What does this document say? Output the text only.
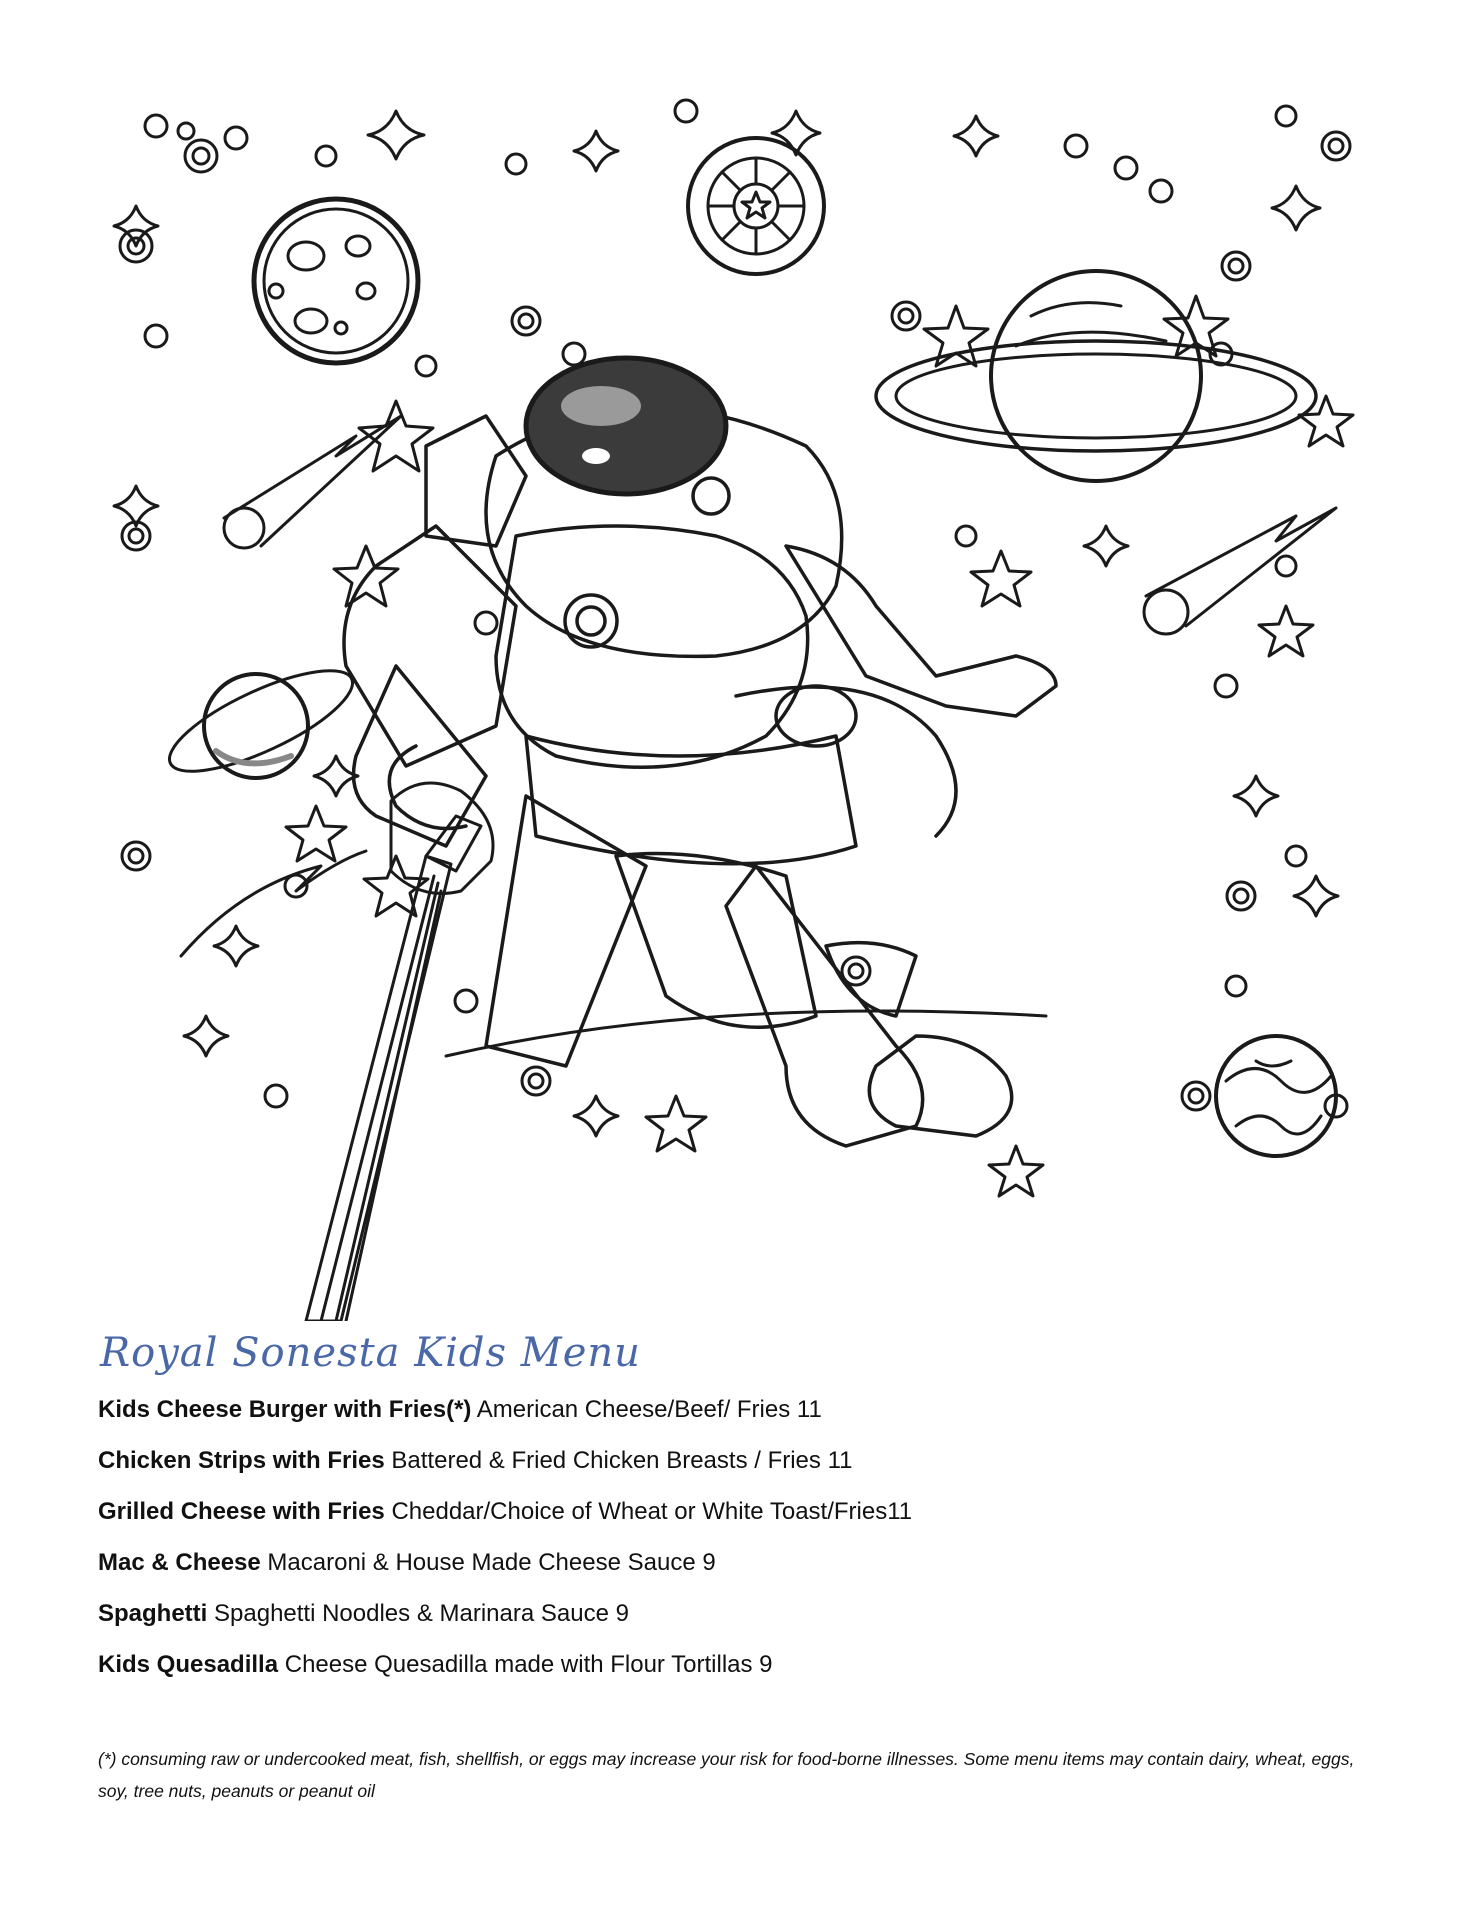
Royal Sonesta Kids Menu
Kids Cheese Burger with Fries(*) American Cheese/Beef/ Fries 11
Chicken Strips with Fries Battered & Fried Chicken Breasts / Fries 11
Grilled Cheese with Fries Cheddar/Choice of Wheat or White Toast/Fries11
Mac & Cheese Macaroni & House Made Cheese Sauce 9
Spaghetti Spaghetti Noodles & Marinara Sauce 9
Kids Quesadilla Cheese Quesadilla made with Flour Tortillas 9
(*) consuming raw or undercooked meat, fish, shellfish, or eggs may increase your risk for food-borne illnesses. Some menu items may contain dairy, wheat, eggs, soy, tree nuts, peanuts or peanut oil
